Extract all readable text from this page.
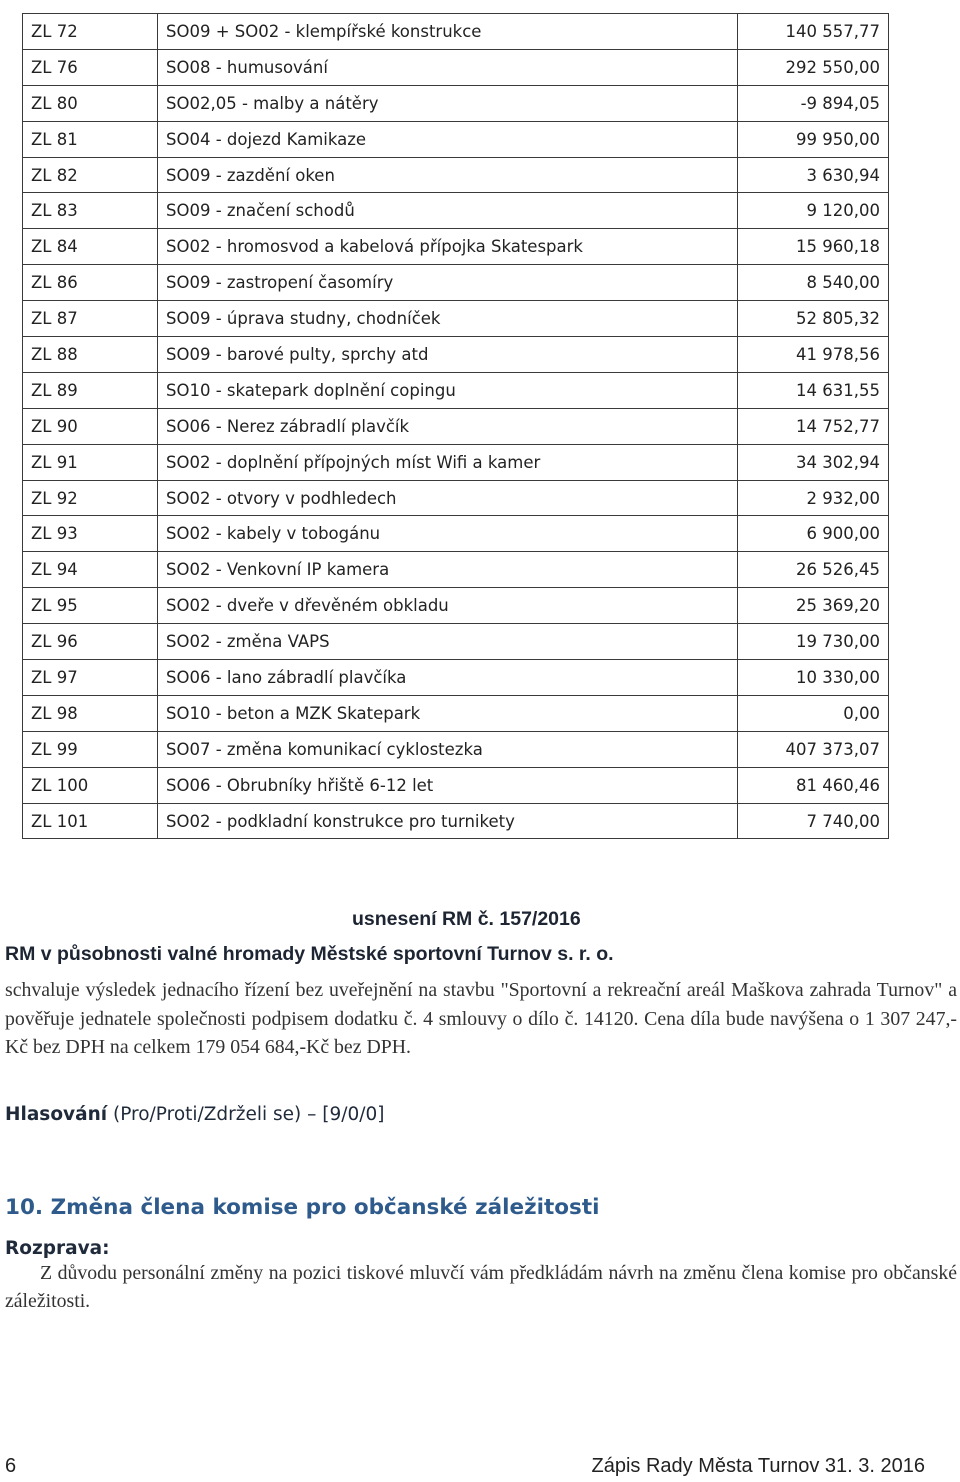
ZL 72	SO09 + SO02 - klempířské konstrukce	140 557,77
ZL 76	SO08 - humusování	292 550,00
ZL 80	SO02,05 - malby a nátěry	-9 894,05
ZL 81	SO04 - dojezd Kamikaze	99 950,00
ZL 82	SO09 - zazdění oken	3 630,94
ZL 83	SO09 - značení schodů	9 120,00
ZL 84	SO02 - hromosvod a kabelová přípojka Skatespark	15 960,18
ZL 86	SO09 - zastropení časomíry	8 540,00
ZL 87	SO09 - úprava studny, chodníček	52 805,32
ZL 88	SO09 - barové pulty, sprchy atd	41 978,56
ZL 89	SO10 - skatepark doplnění copingu	14 631,55
ZL 90	SO06 - Nerez zábradlí plavčík	14 752,77
ZL 91	SO02 - doplnění přípojných míst Wifi a kamer	34 302,94
ZL 92	SO02 - otvory v podhledech	2 932,00
ZL 93	SO02 - kabely v tobogánu	6 900,00
ZL 94	SO02 - Venkovní IP kamera	26 526,45
ZL 95	SO02 - dveře v dřevěném obkladu	25 369,20
ZL 96	SO02 - změna VAPS	19 730,00
ZL 97	SO06 - lano zábradlí plavčíka	10 330,00
ZL 98	SO10 - beton a MZK Skatepark	0,00
ZL 99	SO07 - změna komunikací cyklostezka	407 373,07
ZL 100	SO06 - Obrubníky hřiště 6-12 let	81 460,46
ZL 101	SO02 - podkladní konstrukce pro turnikety	7 740,00
usnesení RM č. 157/2016
RM v působnosti valné hromady Městské sportovní Turnov s. r. o.
schvaluje výsledek jednacího řízení bez uveřejnění na stavbu "Sportovní a rekreační areál Maškova zahrada Turnov" a pověřuje jednatele společnosti podpisem dodatku č. 4 smlouvy o dílo č. 14120. Cena díla bude navýšena o 1 307 247,-Kč bez DPH na celkem 179 054 684,-Kč bez DPH.
Hlasování (Pro/Proti/Zdrželi se) – [9/0/0]
10. Změna člena komise pro občanské záležitosti
Rozprava:
Z důvodu personální změny na pozici tiskové mluvčí vám předkládám návrh na změnu člena komise pro občanské záležitosti.
6	Zápis Rady Města Turnov 31. 3. 2016
